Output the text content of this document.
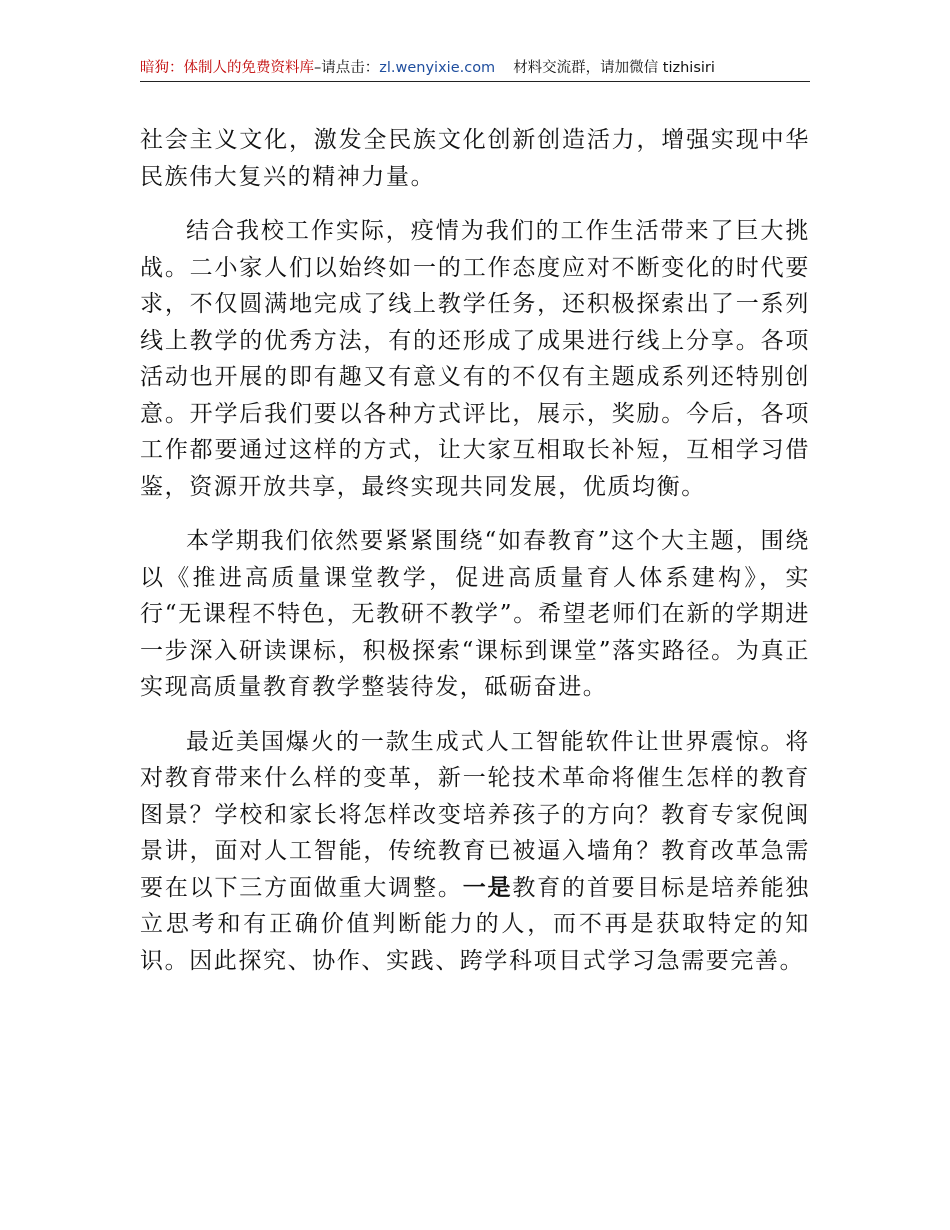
暗狗：体制人的免费资料库–请点击：zl.wenyixie.com 材料交流群，请加微信 tizhisiri

社会主义文化，激发全民族文化创新创造活力，增强实现中华民族伟大复兴的精神力量。

结合我校工作实际，疫情为我们的工作生活带来了巨大挑战。二小家人们以始终如一的工作态度应对不断变化的时代要求，不仅圆满地完成了线上教学任务，还积极探索出了一系列线上教学的优秀方法，有的还形成了成果进行线上分享。各项活动也开展的即有趣又有意义有的不仅有主题成系列还特别创意。开学后我们要以各种方式评比，展示，奖励。今后，各项工作都要通过这样的方式，让大家互相取长补短，互相学习借鉴，资源开放共享，最终实现共同发展，优质均衡。

本学期我们依然要紧紧围绕“如春教育”这个大主题，围绕以《推进高质量课堂教学，促进高质量育人体系建构》，实行“无课程不特色，无教研不教学”。希望老师们在新的学期进一步深入研读课标，积极探索“课标到课堂”落实路径。为真正实现高质量教育教学整装待发，砥砺奋进。

最近美国爆火的一款生成式人工智能软件让世界震惊。将对教育带来什么样的变革，新一轮技术革命将催生怎样的教育图景？学校和家长将怎样改变培养孩子的方向？教育专家倪闽景讲，面对人工智能，传统教育已被逼入墙角？教育改革急需要在以下三方面做重大调整。一是教育的首要目标是培养能独立思考和有正确价值判断能力的人，而不再是获取特定的知识。因此探究、协作、实践、跨学科项目式学习急需要完善。
